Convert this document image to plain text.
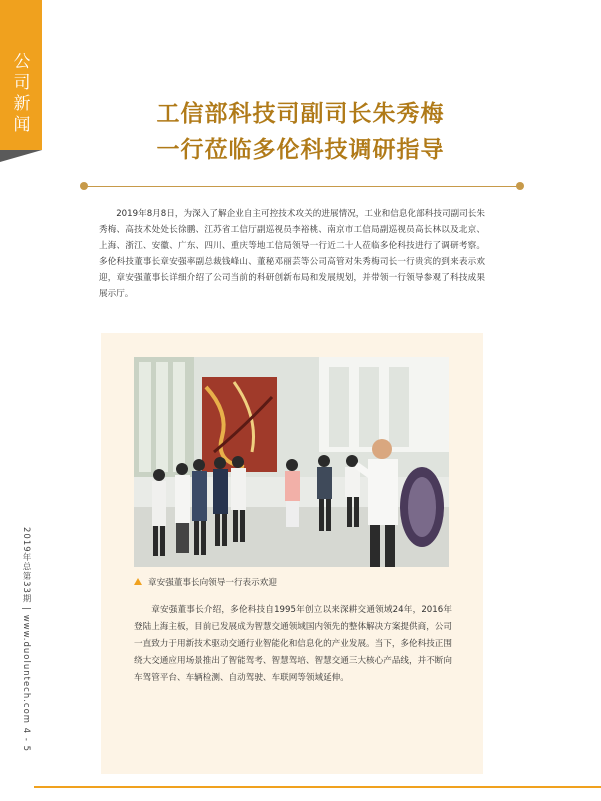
公司新闻	工信部科技司副司长朱秀梅
一行莅临多伦科技调研指导
2019年8月8日，为深入了解企业自主可控技术攻关的进展情况，工业和信息化部科技司副司长朱秀梅、高技术处处长徐鹏、江苏省工信厅副巡视员李裕桃、南京市工信局副巡视员高长林以及北京、上海、浙江、安徽、广东、四川、重庆等地工信局领导一行近二十人莅临多伦科技进行了调研考察。多伦科技董事长章安强率副总裁钱峰山、董秘邓丽芸等公司高管对朱秀梅司长一行贵宾的到来表示欢迎，章安强董事长详细介绍了公司当前的科研创新布局和发展规划，并带领一行领导参观了科技成果展示厅。
章安强董事长向领导一行表示欢迎
章安强董事长介绍，多伦科技自1995年创立以来深耕交通领域24年，2016年登陆上海主板，目前已发展成为智慧交通领域国内领先的整体解决方案提供商，公司一直致力于用新技术驱动交通行业智能化和信息化的产业发展。当下，多伦科技正围绕大交通应用场景推出了智能驾考、智慧驾培、智慧交通三大核心产品线，并不断向车驾管平台、车辆检测、自动驾驶、车联网等领域延伸。
2019年总第33期 | www.duoluntech.com 4 - 5
